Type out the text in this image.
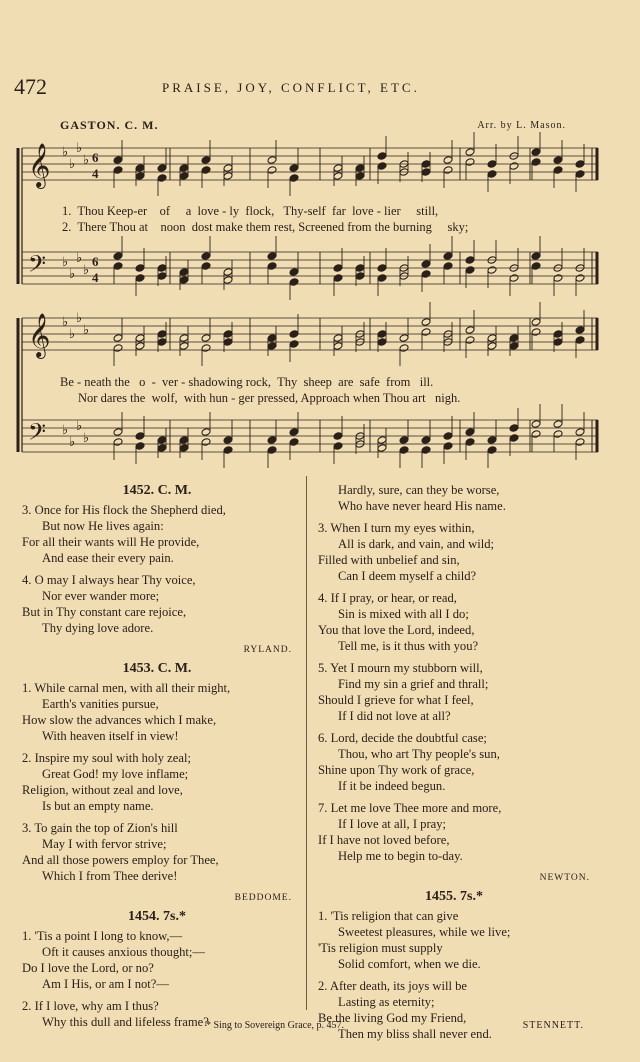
472	PRAISE, JOY, CONFLICT, ETC.
GASTON. C. M.	Arr. by L. Mason.
𝄞 ♭
♭
♭
♭ 6
4
𝄢 ♭
♭
♭
♭
6
4
𝄞 ♭
♭
♭
♭
𝄢 ♭
♭
♭
♭
1.  Thou Keep-er    of     a  love - ly  flock,   Thy-self  far  love - lier     still,
2.  There Thou at    noon  dost make them rest, Screened from the burning     sky;
Be - neath the   o  -  ver - shadowing rock,  Thy  sheep  are  safe  from   ill.
Nor dares the  wolf,  with hun - ger pressed, Approach when Thou art   nigh.
1452. C. M.
3. Once for His flock the Shepherd died,
But now He lives again:
For all their wants will He provide,
And ease their every pain.
4. O may I always hear Thy voice,
Nor ever wander more;
But in Thy constant care rejoice,
Thy dying love adore.
RYLAND.
1453. C. M.
1. While carnal men, with all their might,
Earth's vanities pursue,
How slow the advances which I make,
With heaven itself in view!
2. Inspire my soul with holy zeal;
Great God! my love inflame;
Religion, without zeal and love,
Is but an empty name.
3. To gain the top of Zion's hill
May I with fervor strive;
And all those powers employ for Thee,
Which I from Thee derive!
BEDDOME.
1454. 7s.*
1. 'Tis a point I long to know,—
Oft it causes anxious thought;—
Do I love the Lord, or no?
Am I His, or am I not?—
2. If I love, why am I thus?
Why this dull and lifeless frame?
Hardly, sure, can they be worse,
Who have never heard His name.
3. When I turn my eyes within,
All is dark, and vain, and wild;
Filled with unbelief and sin,
Can I deem myself a child?
4. If I pray, or hear, or read,
Sin is mixed with all I do;
You that love the Lord, indeed,
Tell me, is it thus with you?
5. Yet I mourn my stubborn will,
Find my sin a grief and thrall;
Should I grieve for what I feel,
If I did not love at all?
6. Lord, decide the doubtful case;
Thou, who art Thy people's sun,
Shine upon Thy work of grace,
If it be indeed begun.
7. Let me love Thee more and more,
If I love at all, I pray;
If I have not loved before,
Help me to begin to-day.
NEWTON.
1455. 7s.*
1. 'Tis religion that can give
Sweetest pleasures, while we live;
'Tis religion must supply
Solid comfort, when we die.
2. After death, its joys will be
Lasting as eternity;
Be the living God my Friend,
Then my bliss shall never end.
* Sing to Sovereign Grace, p. 457.	STENNETT.
